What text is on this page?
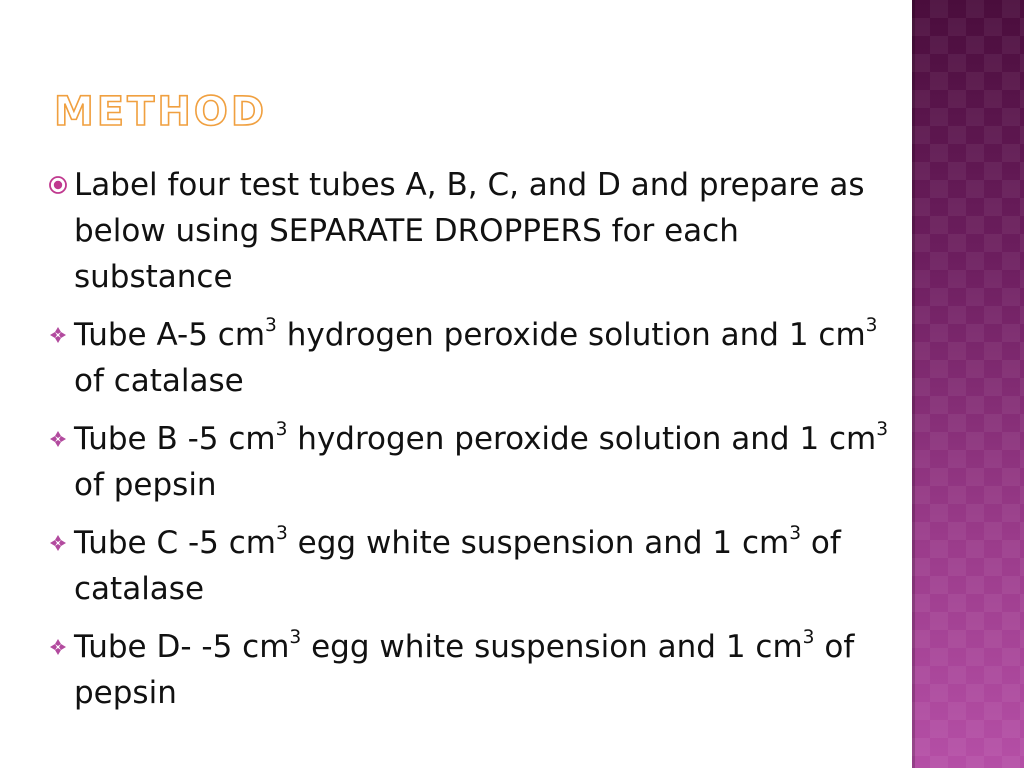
METHOD
Label four test tubes A, B, C, and D and prepare as below using SEPARATE DROPPERS for each substance
Tube A-5 $cm^3$ hydrogen peroxide solution and 1 $cm^3$ of catalase
Tube B -5 $cm^3$ hydrogen peroxide solution and 1 $cm^3$ of pepsin
Tube C -5 $cm^3$ egg white suspension and 1 $cm^3$ of catalase
Tube D- -5 $cm^3$ egg white suspension and 1 $cm^3$ of pepsin
